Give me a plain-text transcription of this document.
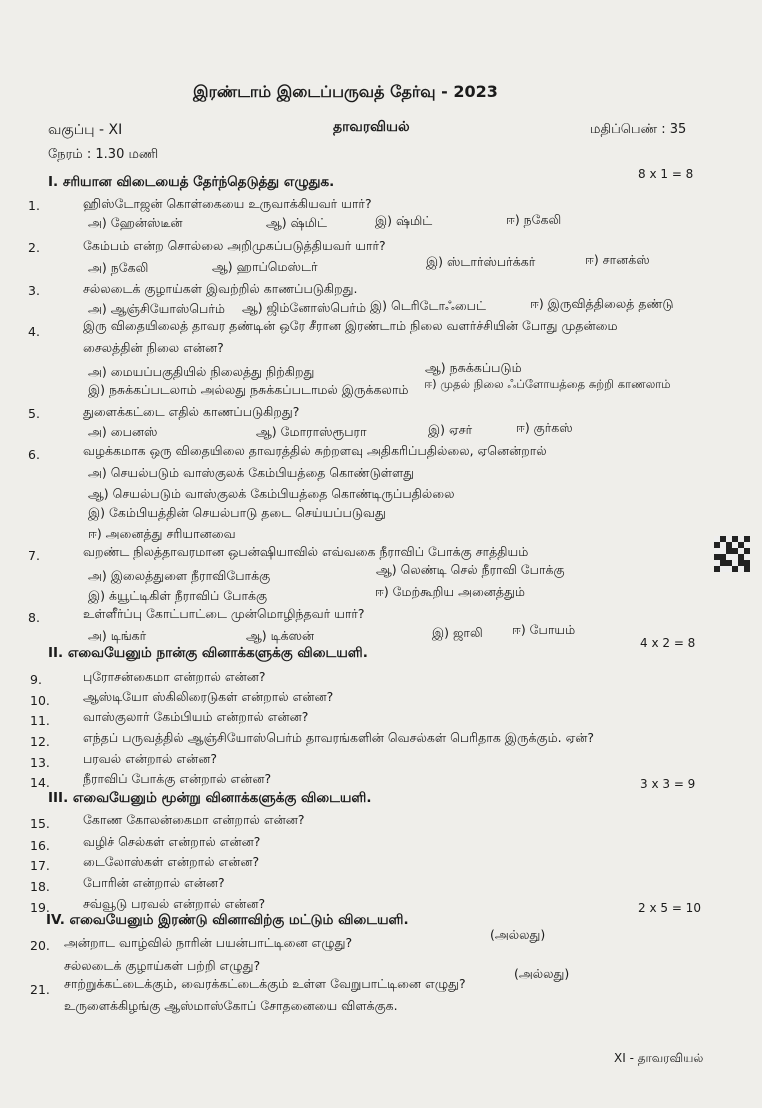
இரண்டாம் இடைப்பருவத் தேர்வு - 2023
வகுப்பு - XI	தாவரவியல்	மதிப்பெண் : 35
நேரம் : 1.30 மணி
I. சரியான விடையைத் தேர்ந்தெடுத்து எழுதுக.	8 x 1 = 8
1.	ஹிஸ்டோஜன் கொள்கையை உருவாக்கியவர் யார்?
அ) ஹேன்ஸ்டீன்	ஆ) ஷ்மிட்	இ) ஷ்மிட்	ஈ) நகேலி
2.	கேம்பம் என்ற சொல்லை அறிமுகப்படுத்தியவர் யார்?
அ) நகேலி	ஆ) ஹாப்மெஸ்டர்	இ) ஸ்டார்ஸ்பர்க்கர்	ஈ) சானக்ஸ்
3.	சல்லடைக் குழாய்கள் இவற்றில் காணப்படுகிறது.
அ) ஆஞ்சியோஸ்பெர்ம் ஆ) ஜிம்னோஸ்பெர்ம் இ) டெரிடோஃபைட்	ஈ) இருவித்திலைத் தண்டு
4.	இரு விதையிலைத் தாவர தண்டின் ஒரே சீரான இரண்டாம் நிலை வளர்ச்சியின் போது முதன்மை
சைலத்தின் நிலை என்ன?
அ) மையப்பகுதியில் நிலைத்து நிற்கிறது	ஆ) நசுக்கப்படும்
இ) நசுக்கப்படலாம் அல்லது நசுக்கப்படாமல் இருக்கலாம் ஈ) முதல் நிலை ஃப்ளோயத்தை சுற்றி காணலாம்
5.	துளைக்கட்டை எதில் காணப்படுகிறது?
அ) பைனஸ்	ஆ) மோராஸ்ரூபரா	இ) ஏசர்	ஈ) குர்கஸ்
6.	வழக்கமாக ஒரு விதையிலை தாவரத்தில் சுற்றளவு அதிகரிப்பதில்லை, ஏனென்றால்
அ) செயல்படும் வாஸ்குலக் கேம்பியத்தை கொண்டுள்ளது
ஆ) செயல்படும் வாஸ்குலக் கேம்பியத்தை கொண்டிருப்பதில்லை
இ) கேம்பியத்தின் செயல்பாடு தடை செய்யப்படுவது
ஈ) அனைத்து சரியானவை
7.	வறண்ட நிலத்தாவரமான ஒபன்ஷியாவில் எவ்வகை நீராவிப் போக்கு சாத்தியம்
அ) இலைத்துளை நீராவிபோக்கு	ஆ) லெண்டி செல் நீராவி போக்கு
இ) க்யூட்டிகிள் நீராவிப் போக்கு	ஈ) மேற்கூறிய அனைத்தும்
8.	உள்ளீர்ப்பு கோட்பாட்டை முன்மொழிந்தவர் யார்?
அ) டிங்கர்	ஆ) டிக்ஸன்	இ) ஜாலி ஈ) போயம்
II. எவையேனும் நான்கு வினாக்களுக்கு விடையளி.
4 x 2 = 8
9.	புரோசன்கைமா என்றால் என்ன?
10.	ஆஸ்டியோ ஸ்கிலிரைடுகள் என்றால் என்ன?
11.	வாஸ்குலார் கேம்பியம் என்றால் என்ன?
12.	எந்தப் பருவத்தில் ஆஞ்சியோஸ்பெர்ம் தாவரங்களின் வெசல்கள் பெரிதாக இருக்கும். ஏன்?
13.	பரவல் என்றால் என்ன?
14.	நீராவிப் போக்கு என்றால் என்ன?
III. எவையேனும் மூன்று வினாக்களுக்கு விடையளி.
3 x 3 = 9
15.	கோண கோலன்கைமா என்றால் என்ன?
16.	வழிச் செல்கள் என்றால் என்ன?
17.	டைலோஸ்கள் என்றால் என்ன?
18.	போரின் என்றால் என்ன?
19.	சவ்வூடு பரவல் என்றால் என்ன?
IV. எவையேனும் இரண்டு வினாவிற்கு மட்டும் விடையளி.
2 x 5 = 10
20. அன்றாட வாழ்வில் நாரின் பயன்பாட்டினை எழுது?
(அல்லது)
சல்லடைக் குழாய்கள் பற்றி எழுது?
21. சாற்றுக்கட்டைக்கும், வைரக்கட்டைக்கும் உள்ள வேறுபாட்டினை எழுது?
(அல்லது)
உருளைக்கிழங்கு ஆஸ்மாஸ்கோப் சோதனையை விளக்குக.
XI - தாவரவியல்
